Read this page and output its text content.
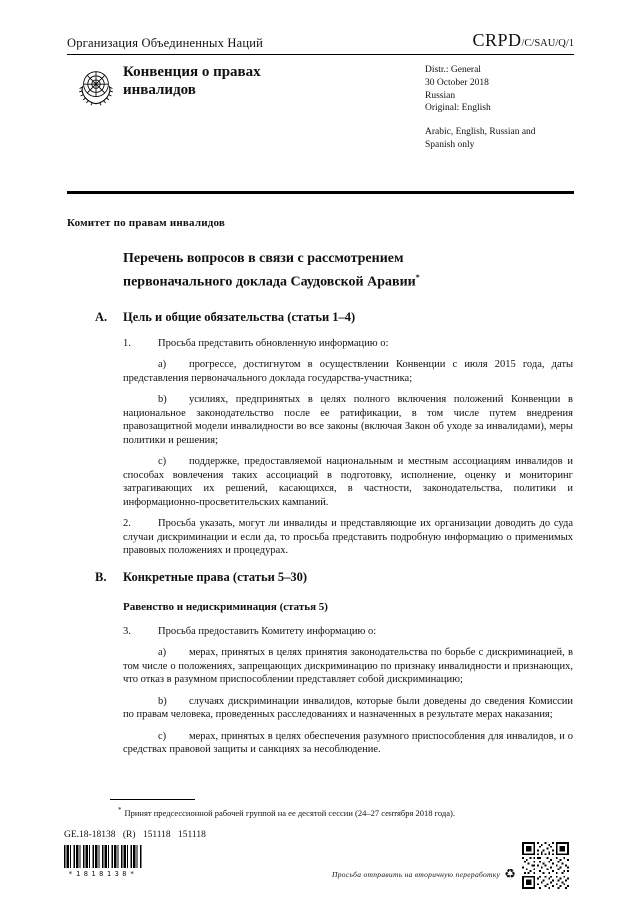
Организация Объединенных Наций	CRPD/C/SAU/Q/1
Конвенция о правах
инвалидов
Distr.: General
30 October 2018
Russian
Original: English
Arabic, English, Russian and
Spanish only
Комитет по правам инвалидов
Перечень вопросов в связи с рассмотрением
первоначального доклада Саудовской Аравии*
A. Цель и общие обязательства (статьи 1–4)

1.	Просьба представить обновленную информацию о:

a) прогрессе, достигнутом в осуществлении Конвенции с июля 2015 года, даты представления первоначального доклада государства-участника;

b) усилиях, предпринятых в целях полного включения положений Конвенции в национальное законодательство после ее ратификации, в том числе путем внедрения правозащитной модели инвалидности во все законы (включая Закон об уходе за инвалидами), меры политики и решения;

c) поддержке, предоставляемой национальным и местным ассоциациям инвалидов и способах вовлечения таких ассоциаций в подготовку, исполнение, оценку и мониторинг затрагивающих их решений, касающихся, в частности, законодательства, политики и информационно-просветительских кампаний.

2.	Просьба указать, могут ли инвалиды и представляющие их организации доводить до суда случаи дискриминации и если да, то просьба представить подробную информацию о применимых правовых положениях и процедурах.

B. Конкретные права (статьи 5–30)
Равенство и недискриминация (статья 5)

3.	Просьба предоставить Комитету информацию о:

a) мерах, принятых в целях принятия законодательства по борьбе с дискриминацией, в том числе о положениях, запрещающих дискриминацию по признаку инвалидности и признающих, что отказ в разумном приспособлении представляет собой дискриминацию;

b) случаях дискриминации инвалидов, которые были доведены до сведения Комиссии по правам человека, проведенных расследованиях и назначенных в результате мерах наказания;

c) мерах, принятых в целях обеспечения разумного приспособления для инвалидов, и о средствах правовой защиты и санкциях за несоблюдение.

* Принят предсессионной рабочей группой на ее десятой сессии (24–27 сентября 2018 года).
GE.18-18138 (R) 151118 151118
*1818138*	Просьба отправить на вторичную переработку ♻
